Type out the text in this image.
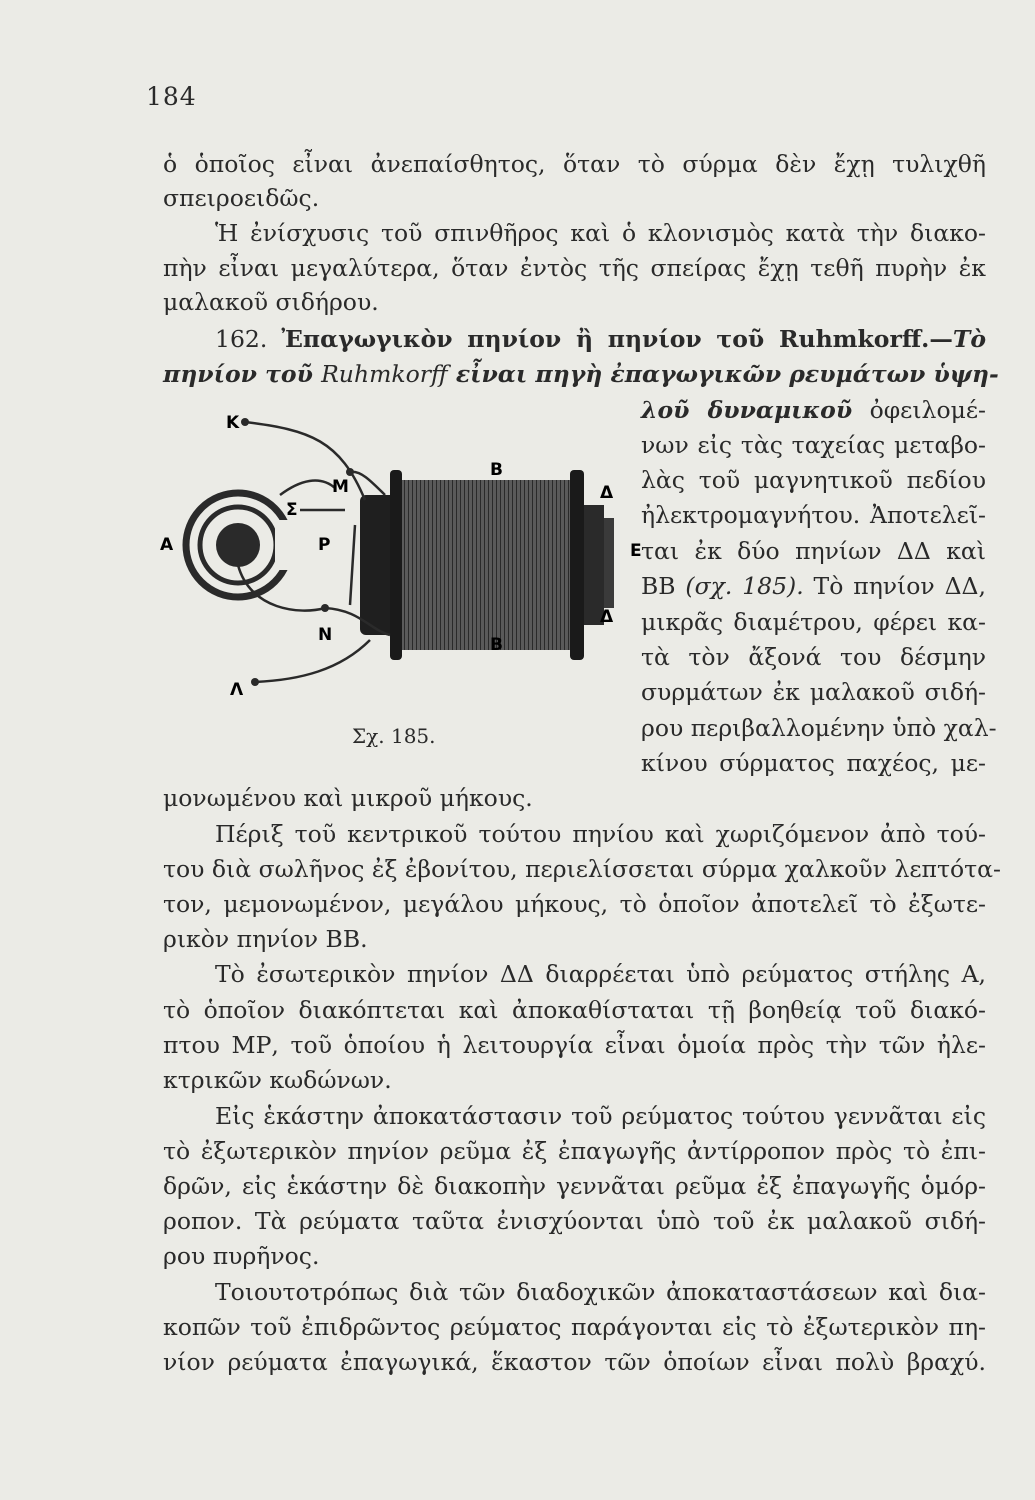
184
ὁ ὁποῖος εἶναι ἀνεπαίσθητος, ὅταν τὸ σύρμα δὲν ἔχῃ τυλιχθῆ
σπειροειδῶς.
Ἡ ἐνίσχυσις τοῦ σπινθῆρος καὶ ὁ κλονισμὸς κατὰ τὴν διακο-
πὴν εἶναι μεγαλύτερα, ὅταν ἐντὸς τῆς σπείρας ἔχῃ τεθῆ πυρὴν ἐκ
μαλακοῦ σιδήρου.
162. Ἐπαγωγικὸν πηνίον ἢ πηνίον τοῦ Ruhmkorff.—Τὸ
πηνίον τοῦ Ruhmkorff εἶναι πηγὴ ἐπαγωγικῶν ρευμάτων ὑψη-
λοῦ δυναμικοῦ ὀφειλομέ-
νων εἰς τὰς ταχείας μεταβο-
λὰς τοῦ μαγνητικοῦ πεδίου
ἠλεκτρομαγνήτου. Ἀποτελεῖ-
ται ἐκ δύο πηνίων ΔΔ καὶ
ΒΒ (σχ. 185). Τὸ πηνίον ΔΔ,
μικρᾶς διαμέτρου, φέρει κα-
τὰ τὸν ἄξονά του δέσμην
συρμάτων ἐκ μαλακοῦ σιδή-
ρου περιβαλλομένην ὑπὸ χαλ-
κίνου σύρματος παχέος, με-
μονωμένου καὶ μικροῦ μήκους.
Πέριξ τοῦ κεντρικοῦ τούτου πηνίου καὶ χωριζόμενον ἀπὸ τού-
του διὰ σωλῆνος ἐξ ἐβονίτου, περιελίσσεται σύρμα χαλκοῦν λεπτότα-
τον, μεμονωμένον, μεγάλου μήκους, τὸ ὁποῖον ἀποτελεῖ τὸ ἐξωτε-
ρικὸν πηνίον ΒΒ.
Τὸ ἐσωτερικὸν πηνίον ΔΔ διαρρέεται ὑπὸ ρεύματος στήλης Α,
τὸ ὁποῖον διακόπτεται καὶ ἀποκαθίσταται τῇ βοηθείᾳ τοῦ διακό-
πτου ΜΡ, τοῦ ὁποίου ἡ λειτουργία εἶναι ὁμοία πρὸς τὴν τῶν ἠλε-
κτρικῶν κωδώνων.
Εἰς ἑκάστην ἀποκατάστασιν τοῦ ρεύματος τούτου γεννᾶται εἰς
τὸ ἐξωτερικὸν πηνίον ρεῦμα ἐξ ἐπαγωγῆς ἀντίρροπον πρὸς τὸ ἐπι-
δρῶν, εἰς ἑκάστην δὲ διακοπὴν γεννᾶται ρεῦμα ἐξ ἐπαγωγῆς ὁμόρ-
ροπον. Τὰ ρεύματα ταῦτα ἐνισχύονται ὑπὸ τοῦ ἐκ μαλακοῦ σιδή-
ρου πυρῆνος.
Τοιουτοτρόπως διὰ τῶν διαδοχικῶν ἀποκαταστάσεων καὶ δια-
κοπῶν τοῦ ἐπιδρῶντος ρεύματος παράγονται εἰς τὸ ἐξωτερικὸν πη-
νίον ρεύματα ἐπαγωγικά, ἕκαστον τῶν ὁποίων εἶναι πολὺ βραχύ.
K
M
B
Δ
Σ
A	P	E
Δ
N	B
Λ
Σχ. 185.
